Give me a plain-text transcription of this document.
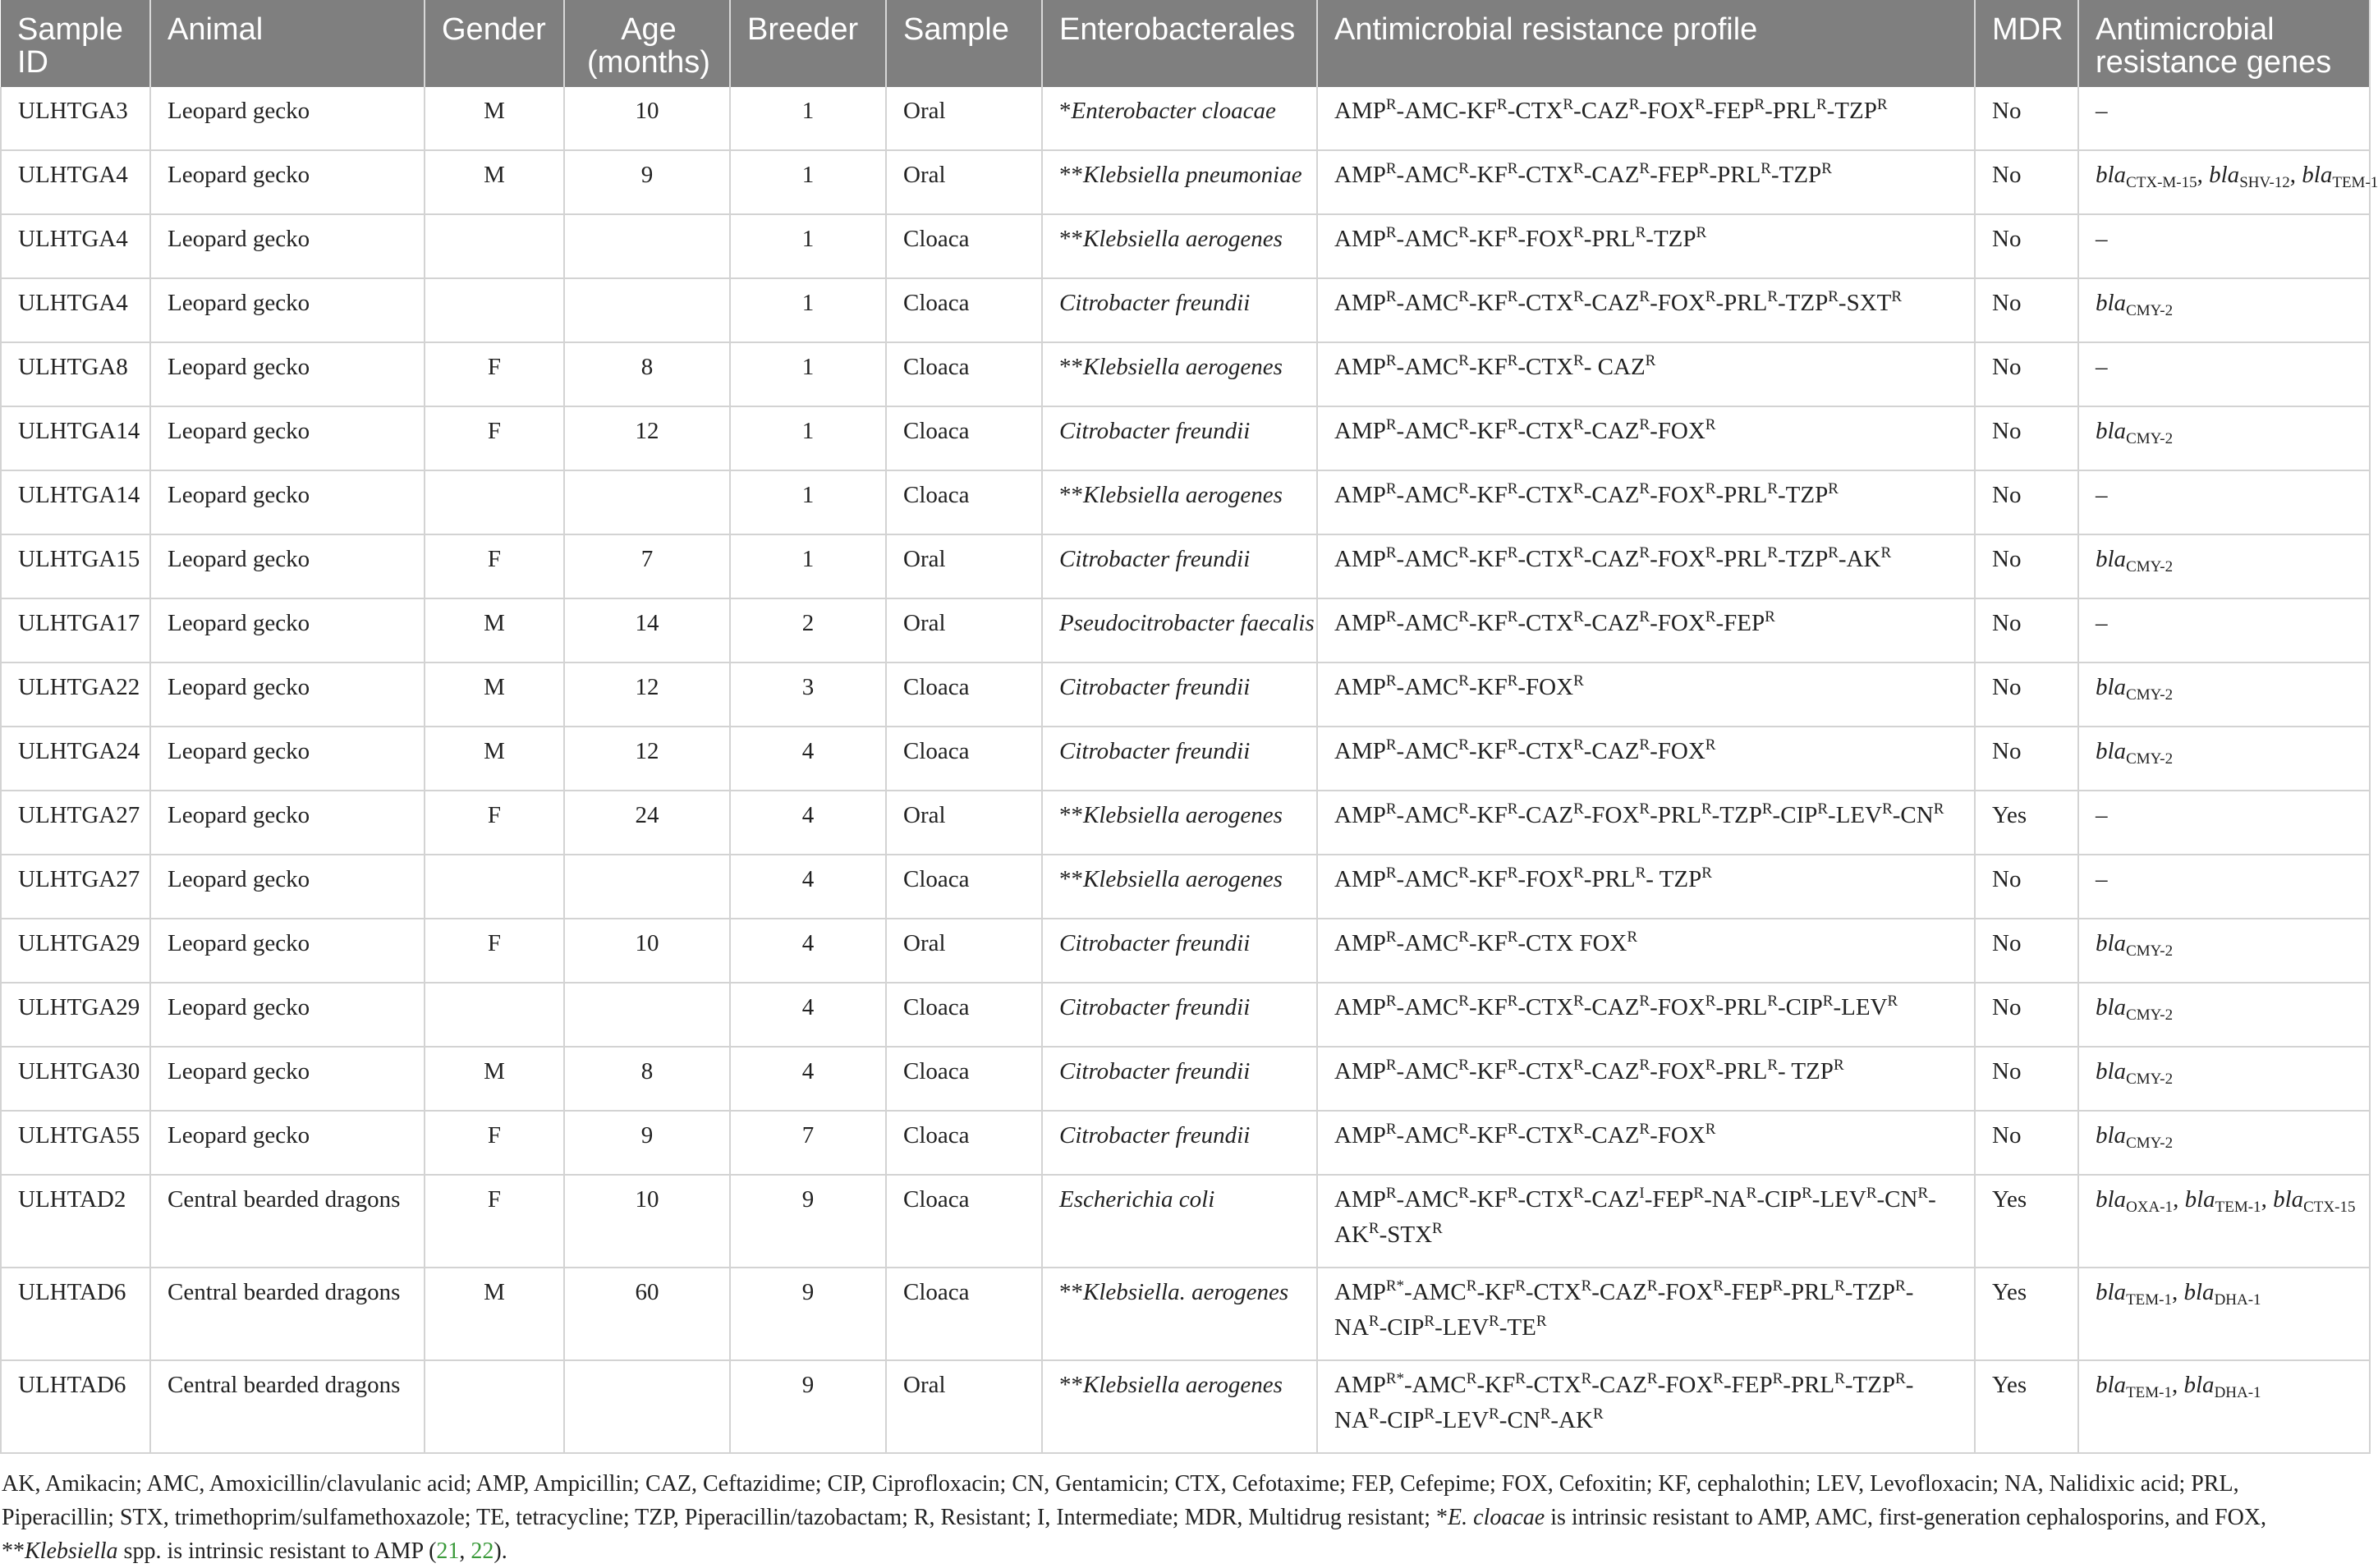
Sample ID	Animal	Gender	Age (months)	Breeder	Sample	Enterobacterales	Antimicrobial resistance profile	MDR	Antimicrobial resistance genes
ULHTGA3	Leopard gecko	M	10	1	Oral	*Enterobacter cloacae	$AMP^R-AMC-KF^R-CTX^R-CAZ^R-FOX^R-FEP^R-PRL^R-TZP^R$	No	–
ULHTGA4	Leopard gecko	M	9	1	Oral	**Klebsiella pneumoniae	$AMP^R-AMC^R-KF^R-CTX^R-CAZ^R-FEP^R-PRL^R-TZP^R$	No	bla$_{CTX-M-15}$, bla$_{SHV-12}$, bla$_{TEM-1}$
ULHTGA4	Leopard gecko			1	Cloaca	**Klebsiella aerogenes	$AMP^R-AMC^R-KF^R-FOX^R-PRL^R-TZP^R$	No	–
ULHTGA4	Leopard gecko			1	Cloaca	Citrobacter freundii	$AMP^R-AMC^R-KF^R-CTX^R-CAZ^R-FOX^R-PRL^R-TZP^R-SXT^R$	No	bla$_{CMY-2}$
ULHTGA8	Leopard gecko	F	8	1	Cloaca	**Klebsiella aerogenes	$AMP^R-AMC^R-KF^R-CTX^R-$ $CAZ^R$	No	–
ULHTGA14	Leopard gecko	F	12	1	Cloaca	Citrobacter freundii	$AMP^R-AMC^R-KF^R-CTX^R-CAZ^R-FOX^R$	No	bla$_{CMY-2}$
ULHTGA14	Leopard gecko			1	Cloaca	**Klebsiella aerogenes	$AMP^R-AMC^R-KF^R-CTX^R-CAZ^R-FOX^R-PRL^R-TZP^R$	No	–
ULHTGA15	Leopard gecko	F	7	1	Oral	Citrobacter freundii	$AMP^R-AMC^R-KF^R-CTX^R-CAZ^R-FOX^R-PRL^R-TZP^R-AK^R$	No	bla$_{CMY-2}$
ULHTGA17	Leopard gecko	M	14	2	Oral	Pseudocitrobacter faecalis	$AMP^R-AMC^R-KF^R-CTX^R-CAZ^R-FOX^R-FEP^R$	No	–
ULHTGA22	Leopard gecko	M	12	3	Cloaca	Citrobacter freundii	$AMP^R-AMC^R-KF^R-FOX^R$	No	bla$_{CMY-2}$
ULHTGA24	Leopard gecko	M	12	4	Cloaca	Citrobacter freundii	$AMP^R-AMC^R-KF^R-CTX^R-CAZ^R-FOX^R$	No	bla$_{CMY-2}$
ULHTGA27	Leopard gecko	F	24	4	Oral	**Klebsiella aerogenes	$AMP^R-AMC^R-KF^R-CAZ^R-FOX^R-PRL^R-TZP^R-CIP^R-LEV^R-CN^R$	Yes	–
ULHTGA27	Leopard gecko			4	Cloaca	**Klebsiella aerogenes	$AMP^R-AMC^R-KF^R-FOX^R-PRL^R-$ $TZP^R$	No	–
ULHTGA29	Leopard gecko	F	10	4	Oral	Citrobacter freundii	$AMP^R-AMC^R-KF^R$-CTX $FOX^R$	No	bla$_{CMY-2}$
ULHTGA29	Leopard gecko			4	Cloaca	Citrobacter freundii	$AMP^R-AMC^R-KF^R-CTX^R-CAZ^R-FOX^R-PRL^R-CIP^R-LEV^R$	No	bla$_{CMY-2}$
ULHTGA30	Leopard gecko	M	8	4	Cloaca	Citrobacter freundii	$AMP^R-AMC^R-KF^R-CTX^R-CAZ^R-FOX^R-PRL^R-$ $TZP^R$	No	bla$_{CMY-2}$
ULHTGA55	Leopard gecko	F	9	7	Cloaca	Citrobacter freundii	$AMP^R-AMC^R-KF^R-CTX^R-CAZ^R-FOX^R$	No	bla$_{CMY-2}$
ULHTAD2	Central bearded dragons	F	10	9	Cloaca	Escherichia coli	$AMP^R-AMC^R-KF^R-CTX^R-CAZ^I-FEP^R-NA^R-CIP^R-LEV^R-CN^R-AK^R-STX^R$	Yes	bla$_{OXA-1}$, bla$_{TEM-1}$, bla$_{CTX-15}$
ULHTAD6	Central bearded dragons	M	60	9	Cloaca	**Klebsiella. aerogenes	$AMP^{R*}-AMC^R-KF^R-CTX^R-CAZ^R-FOX^R-FEP^R-PRL^R-TZP^R-NA^R-CIP^R-LEV^R-TE^R$	Yes	bla$_{TEM-1}$, bla$_{DHA-1}$
ULHTAD6	Central bearded dragons			9	Oral	**Klebsiella aerogenes	$AMP^{R*}-AMC^R-KF^R-CTX^R-CAZ^R-FOX^R-FEP^R-PRL^R-TZP^R-NA^R-CIP^R-LEV^R-CN^R-AK^R$	Yes	bla$_{TEM-1}$, bla$_{DHA-1}$
AK, Amikacin; AMC, Amoxicillin/clavulanic acid; AMP, Ampicillin; CAZ, Ceftazidime; CIP, Ciprofloxacin; CN, Gentamicin; CTX, Cefotaxime; FEP, Cefepime; FOX, Cefoxitin; KF, cephalothin; LEV, Levofloxacin; NA, Nalidixic acid; PRL, Piperacillin; STX, trimethoprim/sulfamethoxazole; TE, tetracycline; TZP, Piperacillin/tazobactam; R, Resistant; I, Intermediate; MDR, Multidrug resistant; *E. cloacae is intrinsic resistant to AMP, AMC, first-generation cephalosporins, and FOX, **Klebsiella spp. is intrinsic resistant to AMP (21, 22).
